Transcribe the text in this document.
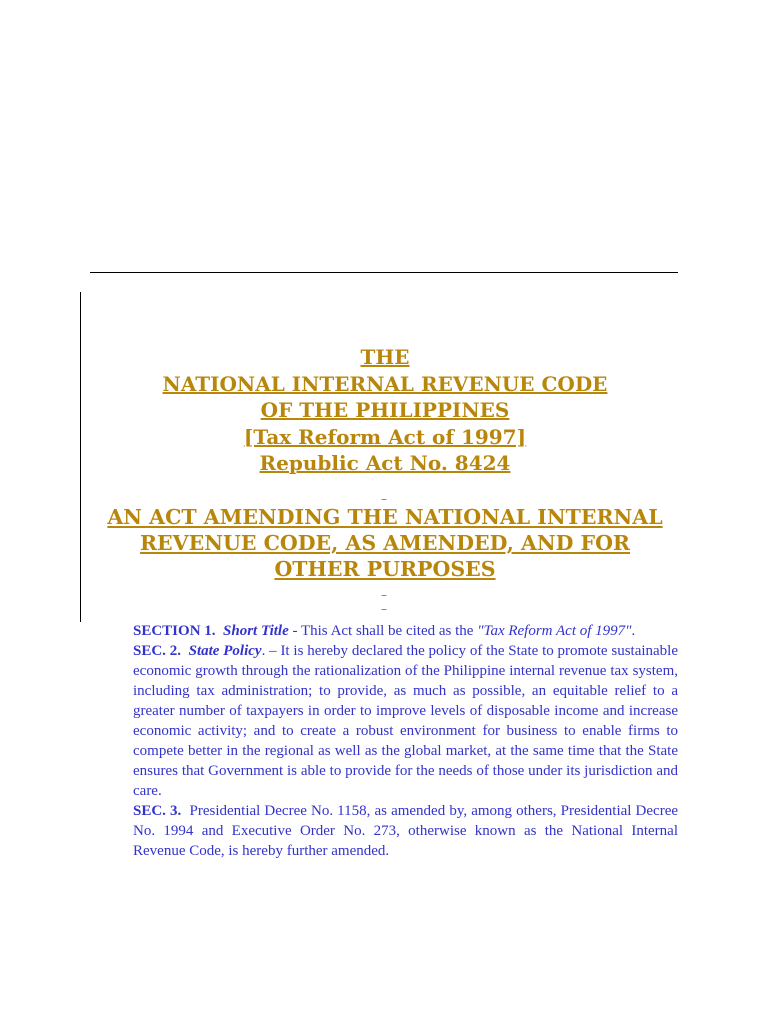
THE
NATIONAL INTERNAL REVENUE CODE
OF THE PHILIPPINES
[Tax Reform Act of 1997]
Republic Act No. 8424

AN ACT AMENDING THE NATIONAL INTERNAL
REVENUE CODE, AS AMENDED, AND FOR
OTHER PURPOSES

SECTION 1. Short Title - This Act shall be cited as the "Tax Reform Act of 1997".

SEC. 2. State Policy. – It is hereby declared the policy of the State to promote sustainable economic growth through the rationalization of the Philippine internal revenue tax system, including tax administration; to provide, as much as possible, an equitable relief to a greater number of taxpayers in order to improve levels of disposable income and increase economic activity; and to create a robust environment for business to enable firms to compete better in the regional as well as the global market, at the same time that the State ensures that Government is able to provide for the needs of those under its jurisdiction and care.

SEC. 3. Presidential Decree No. 1158, as amended by, among others, Presidential Decree No. 1994 and Executive Order No. 273, otherwise known as the National Internal Revenue Code, is hereby further amended.
